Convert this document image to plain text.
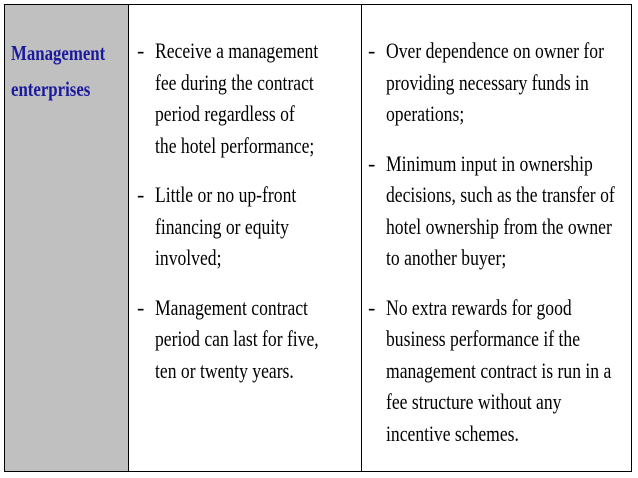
Management
enterprises
- Receive a management fee during the contract period regardless of the hotel performance;
- Little or no up-front financing or equity involved;
- Management contract period can last for five, ten or twenty years.
- Over dependence on owner for providing necessary funds in operations;
- Minimum input in ownership decisions, such as the transfer of hotel ownership from the owner to another buyer;
- No extra rewards for good business performance if the management contract is run in a fee structure without any incentive schemes.
